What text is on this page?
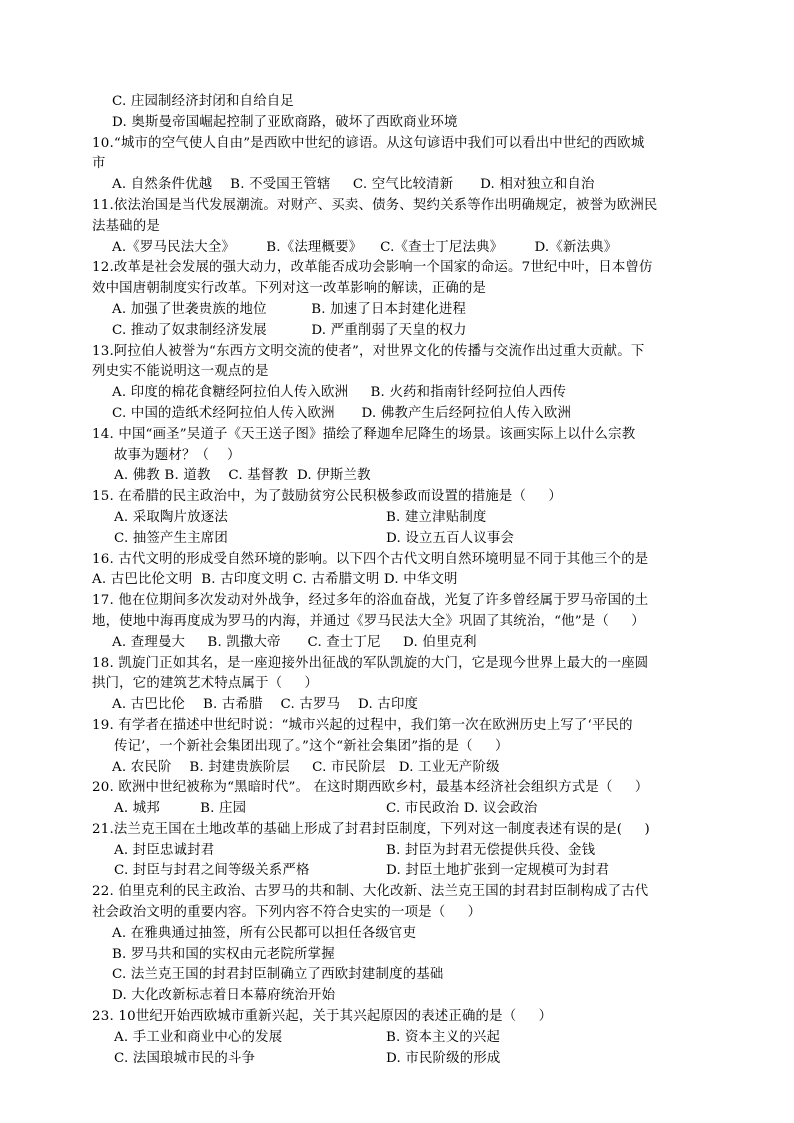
C. 庄园制经济封闭和自给自足
D. 奥斯曼帝国崛起控制了亚欧商路，破坏了西欧商业环境
10.“城市的空气使人自由”是西欧中世纪的谚语。从这句谚语中我们可以看出中世纪的西欧城
市
A. 自然条件优越    B. 不受国王管辖     C. 空气比较清新      D. 相对独立和自治
11.依法治国是当代发展潮流。对财产、买卖、债务、契约关系等作出明确规定，被誉为欧洲民
法基础的是
A.《罗马民法大全》       B.《法理概要》    C.《查士丁尼法典》       D.《新法典》
12.改革是社会发展的强大动力，改革能否成功会影响一个国家的命运。7世纪中叶，日本曾仿
效中国唐朝制度实行改革。下列对这一改革影响的解读，正确的是
A. 加强了世袭贵族的地位          B. 加速了日本封建化进程
C. 推动了奴隶制经济发展          D. 严重削弱了天皇的权力
13.阿拉伯人被誉为“东西方文明交流的使者”，对世界文化的传播与交流作出过重大贡献。下
列史实不能说明这一观点的是
A. 印度的棉花食糖经阿拉伯人传入欧洲     B. 火药和指南针经阿拉伯人西传
C. 中国的造纸术经阿拉伯人传入欧洲      D. 佛教产生后经阿拉伯人传入欧洲
14. 中国“画圣”吴道子《天王送子图》描绘了释迦牟尼降生的场景。该画实际上以什么宗教
故事为题材？（    ）
A. 佛教 B. 道教    C. 基督教  D. 伊斯兰教
15. 在希腊的民主政治中，为了鼓励贫穷公民积极参政而设置的措施是（     ）
A. 采取陶片放逐法	B. 建立津贴制度
C. 抽签产生主席团	D. 设立五百人议事会
16. 古代文明的形成受自然环境的影响。以下四个古代文明自然环境明显不同于其他三个的是
A. 古巴比伦文明  B. 古印度文明 C. 古希腊文明 D. 中华文明
17. 他在位期间多次发动对外战争，经过多年的浴血奋战，光复了许多曾经属于罗马帝国的土
地，使地中海再度成为罗马的内海，并通过《罗马民法大全》巩固了其统治，“他”是（     ）
A. 查理曼大     B. 凯撒大帝      C. 查士丁尼     D. 伯里克利
18. 凯旋门正如其名，是一座迎接外出征战的军队凯旋的大门，它是现今世界上最大的一座圆
拱门，它的建筑艺术特点属于（     ）
A. 古巴比伦    B. 古希腊    C. 古罗马    D. 古印度
19. 有学者在描述中世纪时说：“城市兴起的过程中，我们第一次在欧洲历史上写了‘平民的
传记’，一个新社会集团出现了。”这个“新社会集团”指的是（     ）
A. 农民阶    B. 封建贵族阶层     C. 市民阶层   D. 工业无产阶级
20. 欧洲中世纪被称为“黑暗时代”。 在这时期西欧乡村，最基本经济社会组织方式是（     ）
A. 城邦         B. 庄园	C. 市民政治 D. 议会政治
21.法兰克王国在土地改革的基础上形成了封君封臣制度，下列对这一制度表述有误的是(     )
A. 封臣忠诚封君	B. 封臣为封君无偿提供兵役、金钱
C. 封臣与封君之间等级关系严格	D. 封臣土地扩张到一定规模可为封君
22. 伯里克利的民主政治、古罗马的共和制、大化改新、法兰克王国的封君封臣制构成了古代
社会政治文明的重要内容。下列内容不符合史实的一项是（     ）
A. 在雅典通过抽签，所有公民都可以担任各级官吏
B. 罗马共和国的实权由元老院所掌握
C. 法兰克王国的封君封臣制确立了西欧封建制度的基础
D. 大化改新标志着日本幕府统治开始
23. 10世纪开始西欧城市重新兴起，关于其兴起原因的表述正确的是（     ）
A. 手工业和商业中心的发展	B. 资本主义的兴起
C. 法国琅城市民的斗争	D. 市民阶级的形成
